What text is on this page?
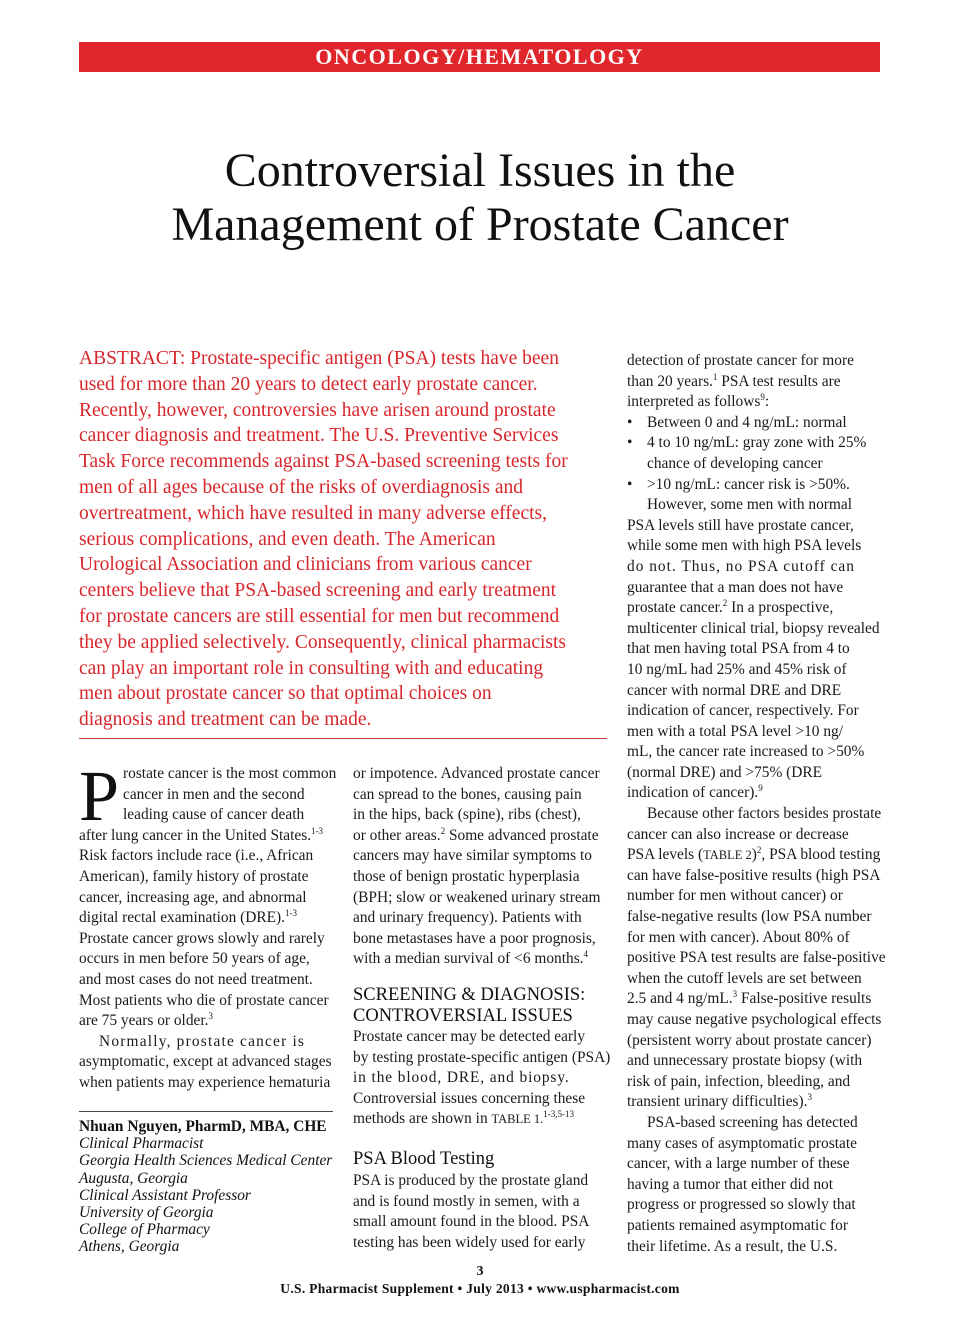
ONCOLOGY/HEMATOLOGY
Controversial Issues in the
Management of Prostate Cancer
ABSTRACT: Prostate-specific antigen (PSA) tests have been
used for more than 20 years to detect early prostate cancer.
Recently, however, controversies have arisen around prostate
cancer diagnosis and treatment. The U.S. Preventive Services
Task Force recommends against PSA-based screening tests for
men of all ages because of the risks of overdiagnosis and
overtreatment, which have resulted in many adverse effects,
serious complications, and even death. The American
Urological Association and clinicians from various cancer
centers believe that PSA-based screening and early treatment
for prostate cancers are still essential for men but recommend
they be applied selectively. Consequently, clinical pharmacists
can play an important role in consulting with and educating
men about prostate cancer so that optimal choices on
diagnosis and treatment can be made.
P rostate cancer is the most common
cancer in men and the second
leading cause of cancer death
after lung cancer in the United States.$^{1-3}$
Risk factors include race (i.e., African
American), family history of prostate
cancer, increasing age, and abnormal
digital rectal examination (DRE).$^{1-3}$
Prostate cancer grows slowly and rarely
occurs in men before 50 years of age,
and most cases do not need treatment.
Most patients who die of prostate cancer
are 75 years or older.$^3$
Normally, prostate cancer is
asymptomatic, except at advanced stages
when patients may experience hematuria
Nhuan Nguyen, PharmD, MBA, CHE
Clinical Pharmacist
Georgia Health Sciences Medical Center
Augusta, Georgia
Clinical Assistant Professor
University of Georgia
College of Pharmacy
Athens, Georgia
or impotence. Advanced prostate cancer
can spread to the bones, causing pain
in the hips, back (spine), ribs (chest),
or other areas.$^2$ Some advanced prostate
cancers may have similar symptoms to
those of benign prostatic hyperplasia
(BPH; slow or weakened urinary stream
and urinary frequency). Patients with
bone metastases have a poor prognosis,
with a median survival of <6 months.$^4$
SCREENING & DIAGNOSIS:
CONTROVERSIAL ISSUES
Prostate cancer may be detected early
by testing prostate-specific antigen (PSA)
in the blood, DRE, and biopsy.
Controversial issues concerning these
methods are shown in TABLE 1.$^{1-3,5-13}$
PSA Blood Testing
PSA is produced by the prostate gland
and is found mostly in semen, with a
small amount found in the blood. PSA
testing has been widely used for early
detection of prostate cancer for more
than 20 years.$^1$ PSA test results are
interpreted as follows$^9$:
• Between 0 and 4 ng/mL: normal
• 4 to 10 ng/mL: gray zone with 25%
chance of developing cancer
• >10 ng/mL: cancer risk is >50%.
However, some men with normal
PSA levels still have prostate cancer,
while some men with high PSA levels
do not. Thus, no PSA cutoff can
guarantee that a man does not have
prostate cancer.$^2$ In a prospective,
multicenter clinical trial, biopsy revealed
that men having total PSA from 4 to
10 ng/mL had 25% and 45% risk of
cancer with normal DRE and DRE
indication of cancer, respectively. For
men with a total PSA level >10 ng/
mL, the cancer rate increased to >50%
(normal DRE) and >75% (DRE
indication of cancer).$^9$
Because other factors besides prostate
cancer can also increase or decrease
PSA levels (TABLE 2)$^2$, PSA blood testing
can have false-positive results (high PSA
number for men without cancer) or
false-negative results (low PSA number
for men with cancer). About 80% of
positive PSA test results are false-positive
when the cutoff levels are set between
2.5 and 4 ng/mL.$^3$ False-positive results
may cause negative psychological effects
(persistent worry about prostate cancer)
and unnecessary prostate biopsy (with
risk of pain, infection, bleeding, and
transient urinary difficulties).$^3$
PSA-based screening has detected
many cases of asymptomatic prostate
cancer, with a large number of these
having a tumor that either did not
progress or progressed so slowly that
patients remained asymptomatic for
their lifetime. As a result, the U.S.
3
U.S. Pharmacist Supplement • July 2013 • www.uspharmacist.com
